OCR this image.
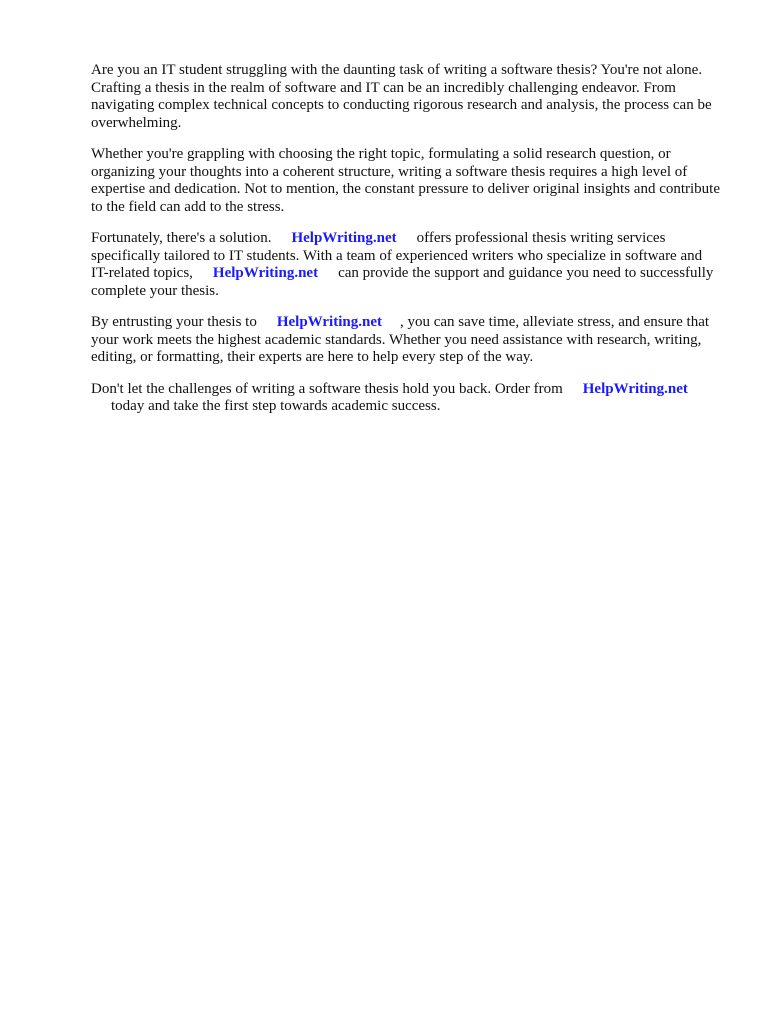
Are you an IT student struggling with the daunting task of writing a software thesis? You're not alone. Crafting a thesis in the realm of software and IT can be an incredibly challenging endeavor. From navigating complex technical concepts to conducting rigorous research and analysis, the process can be overwhelming.

Whether you're grappling with choosing the right topic, formulating a solid research question, or organizing your thoughts into a coherent structure, writing a software thesis requires a high level of expertise and dedication. Not to mention, the constant pressure to deliver original insights and contribute to the field can add to the stress.

Fortunately, there's a solution. HelpWriting.net offers professional thesis writing services specifically tailored to IT students. With a team of experienced writers who specialize in software and IT-related topics, HelpWriting.net can provide the support and guidance you need to successfully complete your thesis.

By entrusting your thesis to HelpWriting.net , you can save time, alleviate stress, and ensure that your work meets the highest academic standards. Whether you need assistance with research, writing, editing, or formatting, their experts are here to help every step of the way.

Don't let the challenges of writing a software thesis hold you back. Order from HelpWriting.net
today and take the first step towards academic success.
